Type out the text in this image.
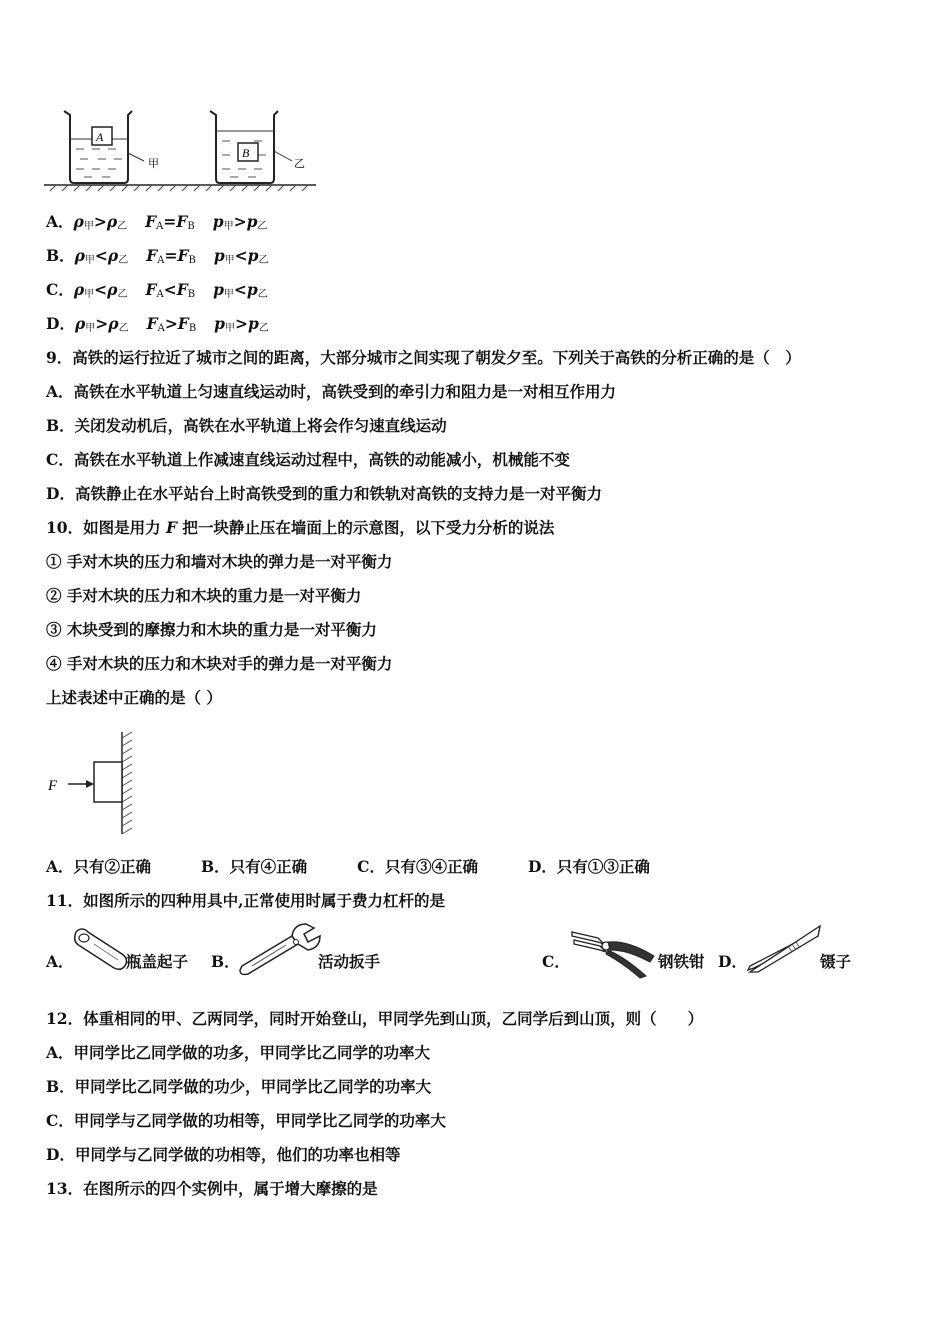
A
甲
B
乙
A．ρ甲>ρ乙 FA=FB p甲>p乙
B．ρ甲<ρ乙 FA=FB p甲<p乙
C．ρ甲<ρ乙 FA<FB p甲<p乙
D．ρ甲>ρ乙 FA>FB p甲>p乙
9．高铁的运行拉近了城市之间的距离，大部分城市之间实现了朝发夕至。下列关于高铁的分析正确的是（　）
A．高铁在水平轨道上匀速直线运动时，高铁受到的牵引力和阻力是一对相互作用力
B．关闭发动机后，高铁在水平轨道上将会作匀速直线运动
C．高铁在水平轨道上作减速直线运动过程中，高铁的动能减小，机械能不变
D．高铁静止在水平站台上时高铁受到的重力和铁轨对高铁的支持力是一对平衡力
10．如图是用力 F 把一块静止压在墙面上的示意图，以下受力分析的说法
① 手对木块的压力和墙对木块的弹力是一对平衡力
② 手对木块的压力和木块的重力是一对平衡力
③ 木块受到的摩擦力和木块的重力是一对平衡力
④ 手对木块的压力和木块对手的弹力是一对平衡力
上述表述中正确的是（ ）
F
A．只有②正确	B．只有④正确	C．只有③④正确	D．只有①③正确
11．如图所示的四种用具中,正常使用时属于费力杠杆的是
A．	瓶盖起子 B．	活动扳手	C．	钢铁钳 D．	镊子
12．体重相同的甲、乙两同学，同时开始登山，甲同学先到山顶，乙同学后到山顶，则（　　）
A．甲同学比乙同学做的功多，甲同学比乙同学的功率大
B．甲同学比乙同学做的功少，甲同学比乙同学的功率大
C．甲同学与乙同学做的功相等，甲同学比乙同学的功率大
D．甲同学与乙同学做的功相等，他们的功率也相等
13．在图所示的四个实例中，属于增大摩擦的是
